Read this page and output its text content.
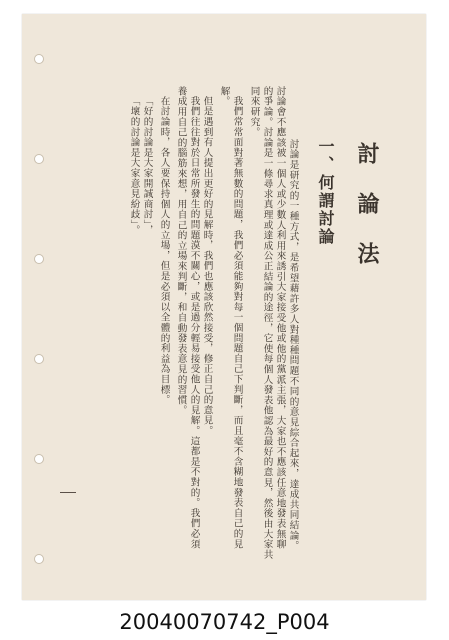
討論法
一、何謂討論
討論是研究的一種方式，是希望藉許多人對種種問題不同的意見綜合起來，達成共同結論。
討論會不應該被一個人或少數人利用來誘引大家接受他或他的黨派主張，大家也不應該任意地發表無聊
的爭論。討論是一條尋求真理或達成公正結論的途徑，它使每個人發表他認為最好的意見，然後由大家共
同來研究。
我們常常面對著無數的問題，我們必須能夠對每一個問題自己下判斷，而且毫不含糊地發表自己的見
解。
但是遇到有人提出更好的見解時，我們也應該欣然接受，修正自己的意見。
我們往往對於日常所發生的問題漠不關心，或是過分輕易接受他人的見解。這都是不對的。我們必須
養成用自己的腦筋來想，用自己的立場來判斷，和自動發表意見的習慣。
在討論時，各人要保持個人的立場，但是必須以全體的利益為目標。
「好的討論是大家開誠商討」，
「壞的討論是大家意見紛歧」。
20040070742_P004
